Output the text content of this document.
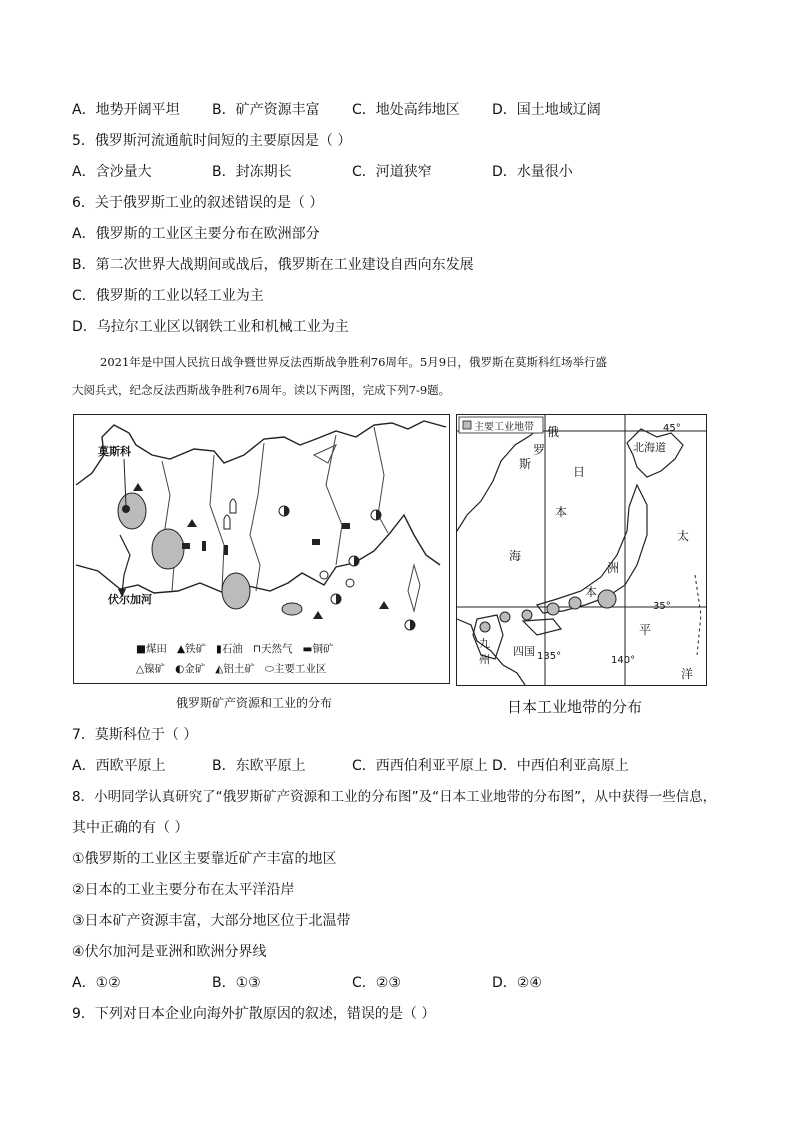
A．地势开阔平坦 B．矿产资源丰富 C．地处高纬地区 D．国土地域辽阔
5．俄罗斯河流通航时间短的主要原因是（ ）
A．含沙量大	B．封冻期长	C．河道狭窄	D．水量很小
6．关于俄罗斯工业的叙述错误的是（ ）
A．俄罗斯的工业区主要分布在欧洲部分
B．第二次世界大战期间或战后，俄罗斯在工业建设自西向东发展
C．俄罗斯的工业以轻工业为主
D．乌拉尔工业区以钢铁工业和机械工业为主
2021年是中国人民抗日战争暨世界反法西斯战争胜利76周年。5月9日，俄罗斯在莫斯科红场举行盛
大阅兵式，纪念反法西斯战争胜利76周年。读以下两图，完成下列7-9题。
莫斯科
伏尔加河
■煤田 ▲铁矿 ▮石油 ⊓天然气 ▬铜矿
△镍矿 ◐金矿 ◭铝土矿 ⬭主要工业区
俄罗斯矿产资源和工业的分布
主要工业地带 俄
罗
斯
日
本
海
北海道
45°
洲
本
太
平
洋
35°
九
州
四国 135°	140°
日本工业地带的分布
7．莫斯科位于（ ）
A．西欧平原上	B．东欧平原上	C．西西伯利亚平原上 D．中西伯利亚高原上
8．小明同学认真研究了“俄罗斯矿产资源和工业的分布图”及“日本工业地带的分布图”，从中获得一些信息，
其中正确的有（ ）
①俄罗斯的工业区主要靠近矿产丰富的地区
②日本的工业主要分布在太平洋沿岸
③日本矿产资源丰富，大部分地区位于北温带
④伏尔加河是亚洲和欧洲分界线
A．①②	B．①③	C．②③	D．②④
9．下列对日本企业向海外扩散原因的叙述，错误的是（ ）
